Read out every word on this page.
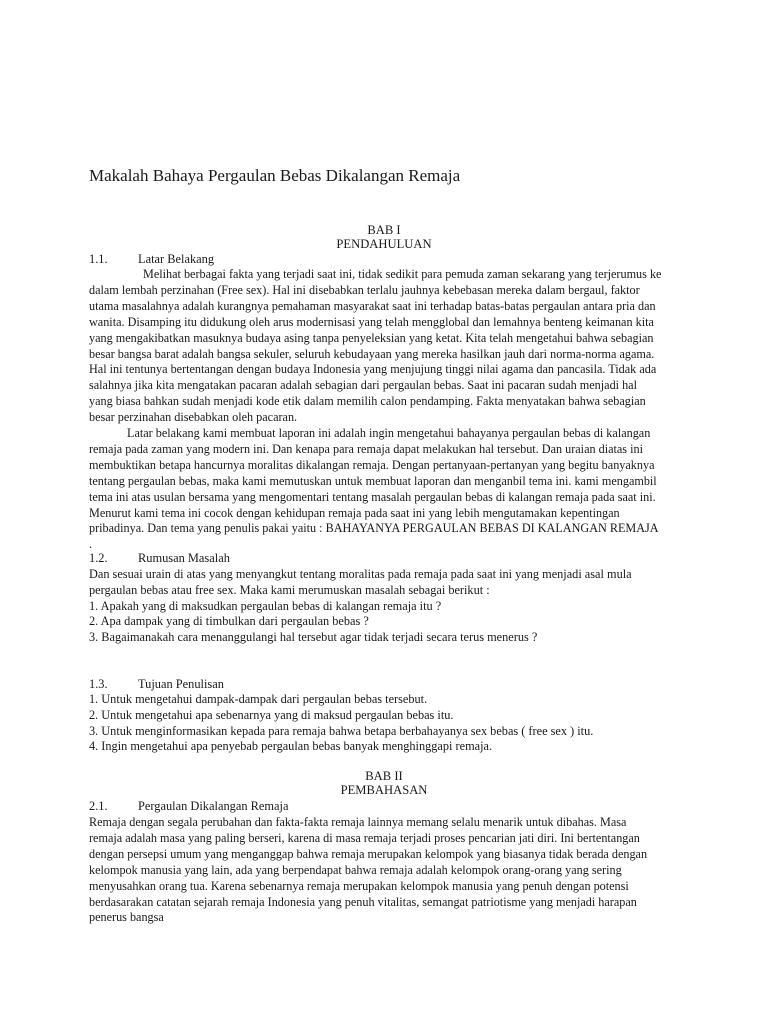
Makalah Bahaya Pergaulan Bebas Dikalangan Remaja
BAB I
PENDAHULUAN
1.1. Latar Belakang
Melihat berbagai fakta yang terjadi saat ini, tidak sedikit para pemuda zaman sekarang yang terjerumus ke
dalam lembah perzinahan (Free sex). Hal ini disebabkan terlalu jauhnya kebebasan mereka dalam bergaul, faktor
utama masalahnya adalah kurangnya pemahaman masyarakat saat ini terhadap batas-batas pergaulan antara pria dan
wanita. Disamping itu didukung oleh arus modernisasi yang telah mengglobal dan lemahnya benteng keimanan kita
yang mengakibatkan masuknya budaya asing tanpa penyeleksian yang ketat. Kita telah mengetahui bahwa sebagian
besar bangsa barat adalah bangsa sekuler, seluruh kebudayaan yang mereka hasilkan jauh dari norma-norma agama.
Hal ini tentunya bertentangan dengan budaya Indonesia yang menjujung tinggi nilai agama dan pancasila. Tidak ada
salahnya jika kita mengatakan pacaran adalah sebagian dari pergaulan bebas. Saat ini pacaran sudah menjadi hal
yang biasa bahkan sudah menjadi kode etik dalam memilih calon pendamping. Fakta menyatakan bahwa sebagian
besar perzinahan disebabkan oleh pacaran.
Latar belakang kami membuat laporan ini adalah ingin mengetahui bahayanya pergaulan bebas di kalangan
remaja pada zaman yang modern ini. Dan kenapa para remaja dapat melakukan hal tersebut. Dan uraian diatas ini
membuktikan betapa hancurnya moralitas dikalangan remaja. Dengan pertanyaan-pertanyan yang begitu banyaknya
tentang pergaulan bebas, maka kami memutuskan untuk membuat laporan dan menganbil tema ini. kami mengambil
tema ini atas usulan bersama yang mengomentari tentang masalah pergaulan bebas di kalangan remaja pada saat ini.
Menurut kami tema ini cocok dengan kehidupan remaja pada saat ini yang lebih mengutamakan kepentingan
pribadinya. Dan tema yang penulis pakai yaitu : BAHAYANYA PERGAULAN BEBAS DI KALANGAN REMAJA
.
1.2. Rumusan Masalah
Dan sesuai urain di atas yang menyangkut tentang moralitas pada remaja pada saat ini yang menjadi asal mula
pergaulan bebas atau free sex. Maka kami merumuskan masalah sebagai berikut :
1. Apakah yang di maksudkan pergaulan bebas di kalangan remaja itu ?
2. Apa dampak yang di timbulkan dari pergaulan bebas ?
3. Bagaimanakah cara menanggulangi hal tersebut agar tidak terjadi secara terus menerus ?
1.3. Tujuan Penulisan
1. Untuk mengetahui dampak-dampak dari pergaulan bebas tersebut.
2. Untuk mengetahui apa sebenarnya yang di maksud pergaulan bebas itu.
3. Untuk menginformasikan kepada para remaja bahwa betapa berbahayanya sex bebas ( free sex ) itu.
4. Ingin mengetahui apa penyebab pergaulan bebas banyak menghinggapi remaja.
BAB II
PEMBAHASAN
2.1. Pergaulan Dikalangan Remaja
Remaja dengan segala perubahan dan fakta-fakta remaja lainnya memang selalu menarik untuk dibahas. Masa
remaja adalah masa yang paling berseri, karena di masa remaja terjadi proses pencarian jati diri. Ini bertentangan
dengan persepsi umum yang menganggap bahwa remaja merupakan kelompok yang biasanya tidak berada dengan
kelompok manusia yang lain, ada yang berpendapat bahwa remaja adalah kelompok orang-orang yang sering
menyusahkan orang tua. Karena sebenarnya remaja merupakan kelompok manusia yang penuh dengan potensi
berdasarakan catatan sejarah remaja Indonesia yang penuh vitalitas, semangat patriotisme yang menjadi harapan
penerus bangsa
